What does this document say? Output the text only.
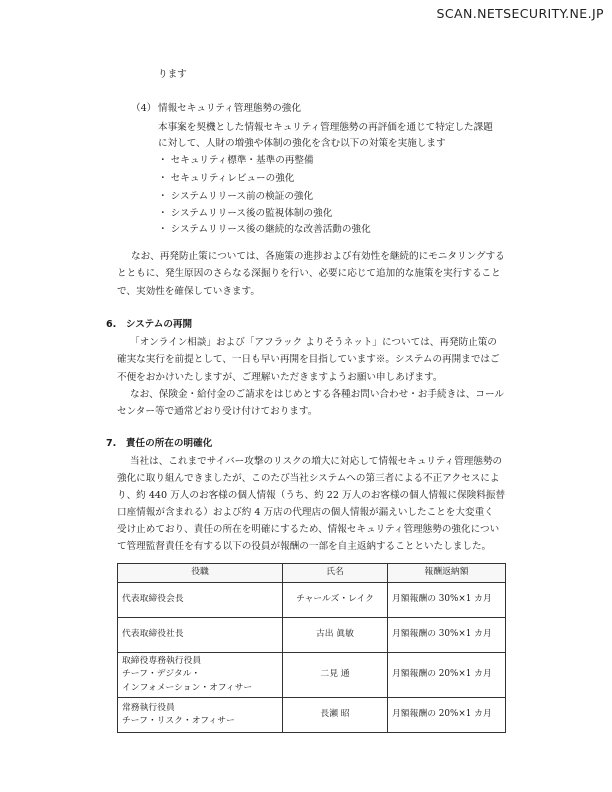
SCAN.NETSECURITY.NE.JP

ります

（4） 情報セキュリティ管理態勢の強化

本事案を契機とした情報セキュリティ管理態勢の再評価を通じて特定した課題

に対して、人財の増強や体制の強化を含む以下の対策を実施します

・ セキュリティ標準・基準の再整備

・ セキュリティレビューの強化

・ システムリリース前の検証の強化

・ システムリリース後の監視体制の強化

・ システムリリース後の継続的な改善活動の強化

なお、再発防止策については、各施策の進捗および有効性を継続的にモニタリングする

とともに、発生原因のさらなる深掘りを行い、必要に応じて追加的な施策を実行すること

で、実効性を確保していきます。

6.　システムの再開

「オンライン相談」および「アフラック よりそうネット」については、再発防止策の

確実な実行を前提として、一日も早い再開を目指しています※。システムの再開まではご

不便をおかけいたしますが、ご理解いただきますようお願い申しあげます。

なお、保険金・給付金のご請求をはじめとする各種お問い合わせ・お手続きは、コール

センター等で通常どおり受け付けております。

7.　責任の所在の明確化

当社は、これまでサイバー攻撃のリスクの増大に対応して情報セキュリティ管理態勢の

強化に取り組んできましたが、このたび当社システムへの第三者による不正アクセスによ

り、約 440 万人のお客様の個人情報（うち、約 22 万人のお客様の個人情報に保険料振替

口座情報が含まれる）および約 4 万店の代理店の個人情報が漏えいしたことを大変重く

受け止めており、責任の所在を明確にするため、情報セキュリティ管理態勢の強化につい

て管理監督責任を有する以下の役員が報酬の一部を自主返納することといたしました。

役職	氏名	報酬返納額
代表取締役会長	チャールズ・レイク	月額報酬の 30%×1 カ月
代表取締役社長	古出 眞敏	月額報酬の 30%×1 カ月
取締役専務執行役員
チーフ・デジタル・
インフォメーション・オフィサー	二見 通	月額報酬の 20%×1 カ月
常務執行役員
チーフ・リスク・オフィサー	長瀬 昭	月額報酬の 20%×1 カ月
